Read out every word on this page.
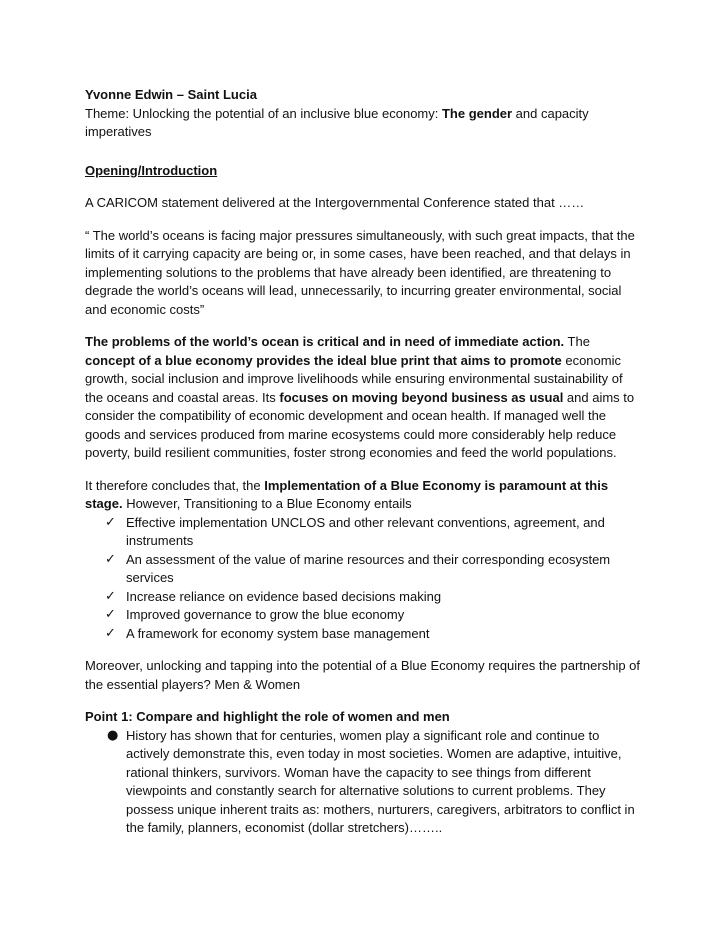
Yvonne Edwin – Saint Lucia

Theme: Unlocking the potential of an inclusive blue economy: The gender and capacity imperatives

Opening/Introduction

A CARICOM statement delivered at the Intergovernmental Conference stated that ……

“ The world’s oceans is facing major pressures simultaneously, with such great impacts, that the limits of it carrying capacity are being or, in some cases, have been reached, and that delays in implementing solutions to the problems that have already been identified, are threatening to degrade the world’s oceans will lead, unnecessarily, to incurring greater environmental, social and economic costs”

The problems of the world’s ocean is critical and in need of immediate action. The concept of a blue economy provides the ideal blue print that aims to promote economic growth, social inclusion and improve livelihoods while ensuring environmental sustainability of the oceans and coastal areas. Its focuses on moving beyond business as usual and aims to consider the compatibility of economic development and ocean health. If managed well the goods and services produced from marine ecosystems could more considerably help reduce poverty, build resilient communities, foster strong economies and feed the world populations.

It therefore concludes that, the Implementation of a Blue Economy is paramount at this stage. However, Transitioning to a Blue Economy entails

✓ Effective implementation UNCLOS and other relevant conventions, agreement, and instruments
✓ An assessment of the value of marine resources and their corresponding ecosystem services
✓ Increase reliance on evidence based decisions making
✓ Improved governance to grow the blue economy
✓ A framework for economy system base management

Moreover, unlocking and tapping into the potential of a Blue Economy requires the partnership of the essential players? Men & Women

Point 1: Compare and highlight the role of women and men

● History has shown that for centuries, women play a significant role and continue to actively demonstrate this, even today in most societies. Women are adaptive, intuitive, rational thinkers, survivors. Woman have the capacity to see things from different viewpoints and constantly search for alternative solutions to current problems. They possess unique inherent traits as: mothers, nurturers, caregivers, arbitrators to conflict in the family, planners, economist (dollar stretchers)……..
